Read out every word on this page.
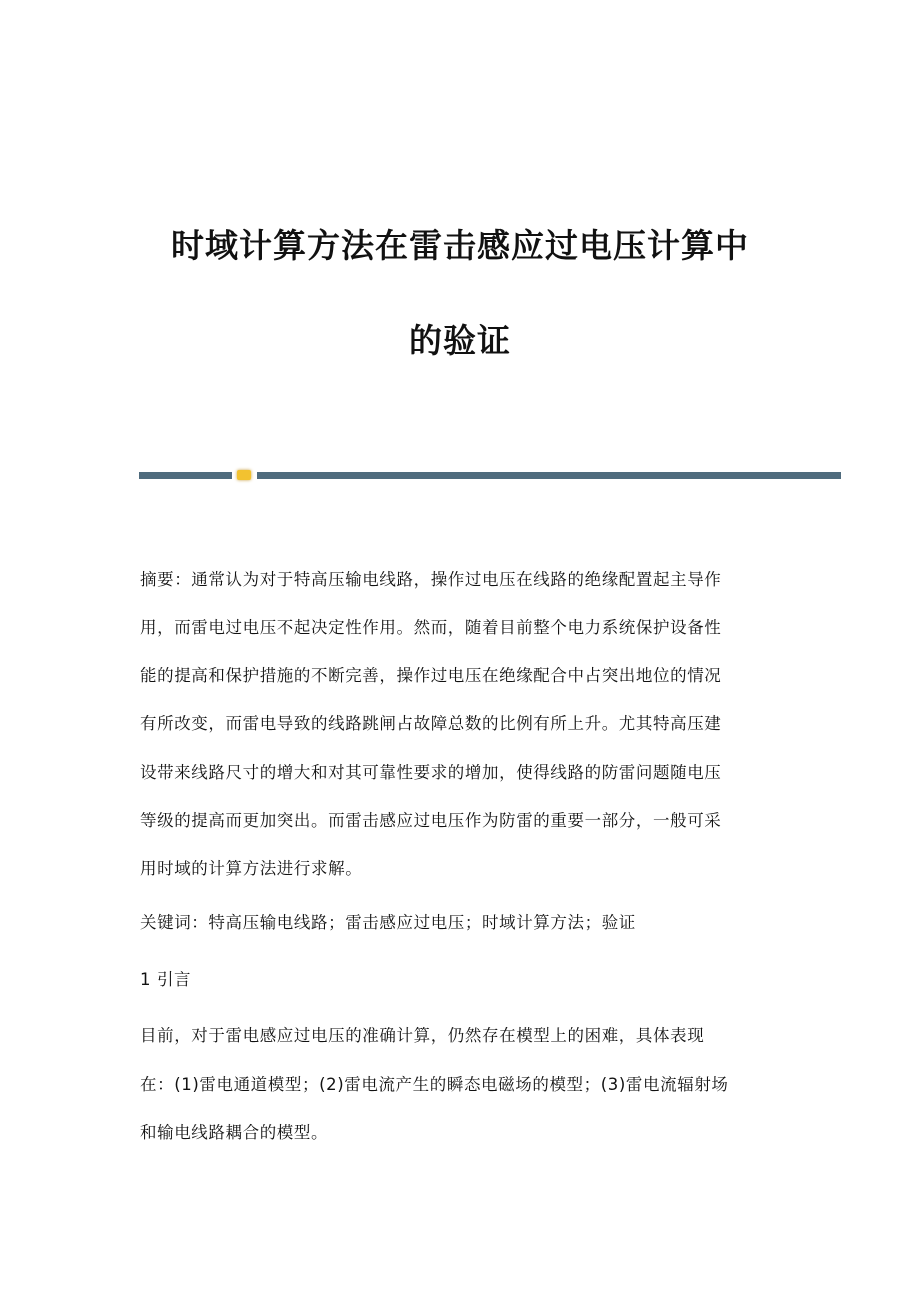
时域计算方法在雷击感应过电压计算中
的验证
摘要：通常认为对于特高压输电线路，操作过电压在线路的绝缘配置起主导作
用，而雷电过电压不起决定性作用。然而，随着目前整个电力系统保护设备性
能的提高和保护措施的不断完善，操作过电压在绝缘配合中占突出地位的情况
有所改变，而雷电导致的线路跳闸占故障总数的比例有所上升。尤其特高压建
设带来线路尺寸的增大和对其可靠性要求的增加，使得线路的防雷问题随电压
等级的提高而更加突出。而雷击感应过电压作为防雷的重要一部分，一般可采
用时域的计算方法进行求解。
关键词：特高压输电线路；雷击感应过电压；时域计算方法；验证
1 引言
目前，对于雷电感应过电压的准确计算，仍然存在模型上的困难，具体表现
在：(1)雷电通道模型；(2)雷电流产生的瞬态电磁场的模型；(3)雷电流辐射场
和输电线路耦合的模型。
